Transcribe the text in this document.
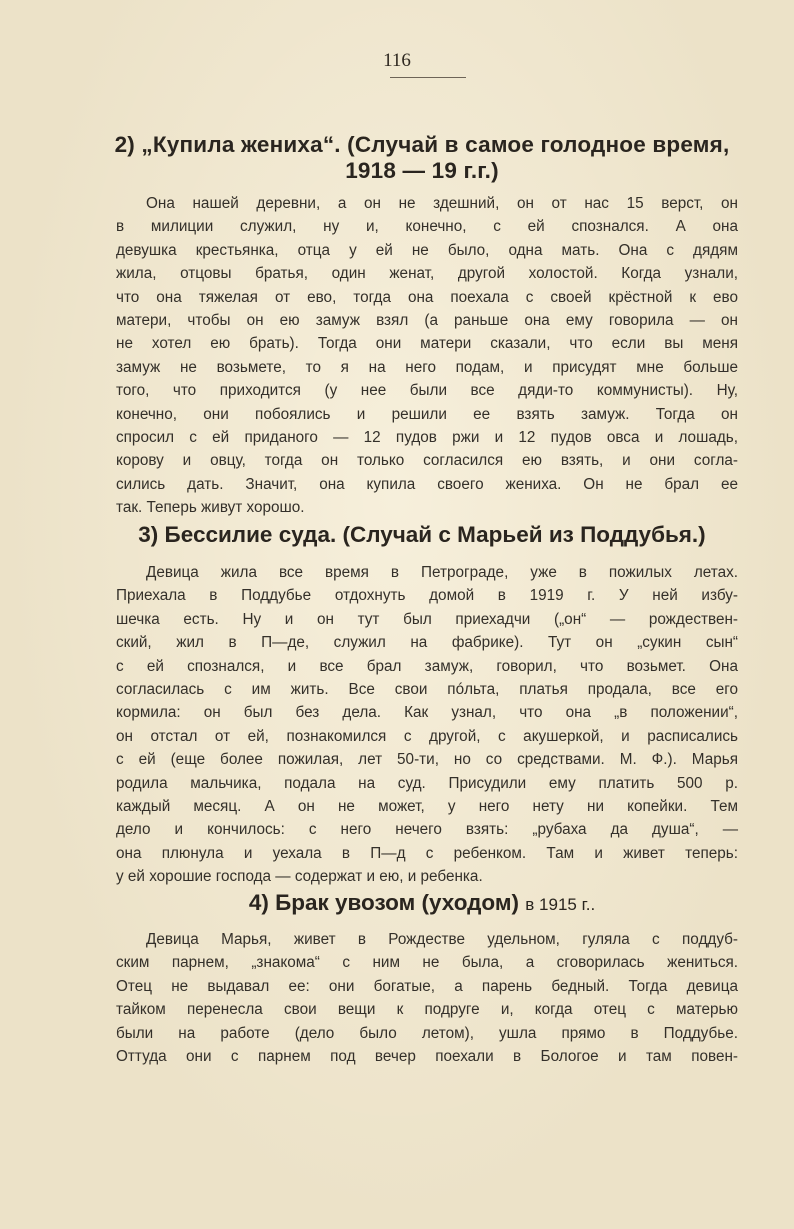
116
2) „Купила жениха“. (Случай в самое голодное время,
1918 — 19 г.г.)
Она нашей деревни, а он не здешний, он от нас 15 верст, он
в милиции служил, ну и, конечно, с ей спознался. А она
девушка крестьянка, отца у ей не было, одна мать. Она с дядям
жила, отцовы братья, один женат, другой холостой. Когда узнали,
что она тяжелая от ево, тогда она поехала с своей крёстной к ево
матери, чтобы он ею замуж взял (а раньше она ему говорила — он
не хотел ею брать). Тогда они матери сказали, что если вы меня
замуж не возьмете, то я на него подам, и присудят мне больше
того, что приходится (у нее были все дяди-то коммунисты). Ну,
конечно, они побоялись и решили ее взять замуж. Тогда он
спросил с ей приданого — 12 пудов ржи и 12 пудов овса и лошадь,
корову и овцу, тогда он только согласился ею взять, и они согла-
сились дать. Значит, она купила своего жениха. Он не брал ее
так. Теперь живут хорошо.
3) Бессилие суда. (Случай с Марьей из Поддубья.)
Девица жила все время в Петрограде, уже в пожилых летах.
Приехала в Поддубье отдохнуть домой в 1919 г. У ней избу-
шечка есть. Ну и он тут был приехадчи („он“ — рождествен-
ский, жил в П—де, служил на фабрике). Тут он „сукин сын“
с ей спознался, и все брал замуж, говорил, что возьмет. Она
согласилась с им жить. Все свои пóльта, платья продала, все его
кормила: он был без дела. Как узнал, что она „в положении“,
он отстал от ей, познакомился с другой, с акушеркой, и расписались
с ей (еще более пожилая, лет 50-ти, но со средствами. М. Ф.). Марья
родила мальчика, подала на суд. Присудили ему платить 500 р.
каждый месяц. А он не может, у него нету ни копейки. Тем
дело и кончилось: с него нечего взять: „рубаха да душа“, —
она плюнула и уехала в П—д с ребенком. Там и живет теперь:
у ей хорошие господа — содержат и ею, и ребенка.
4) Брак увозом (уходом) в 1915 г..
Девица Марья, живет в Рождестве удельном, гуляла с поддуб-
ским парнем, „знакома“ с ним не была, а сговорилась жениться.
Отец не выдавал ее: они богатые, а парень бедный. Тогда девица
тайком перенесла свои вещи к подруге и, когда отец с матерью
были на работе (дело было летом), ушла прямо в Поддубье.
Оттуда они с парнем под вечер поехали в Бологое и там повен-
